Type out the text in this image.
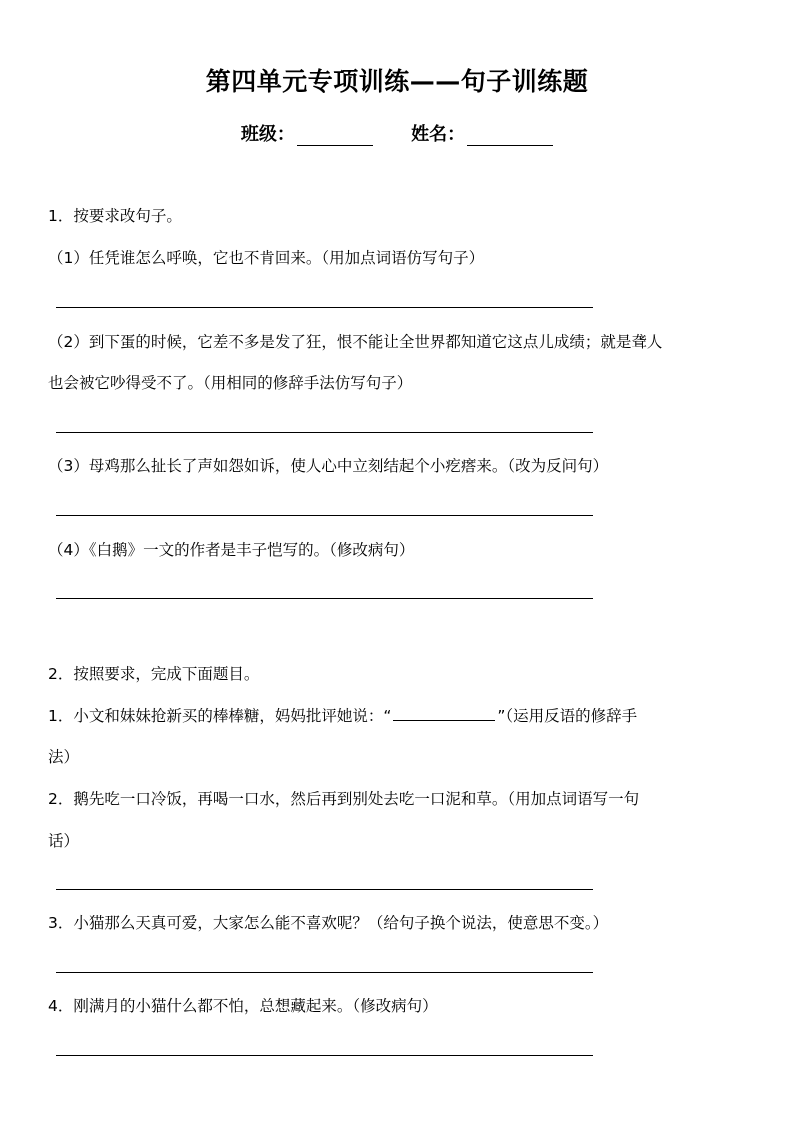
第四单元专项训练——句子训练题
班级：	姓名：
1．按要求改句子。
（1）任凭谁怎么呼唤，它也不肯回来。（用加点词语仿写句子）
（2）到下蛋的时候，它差不多是发了狂，恨不能让全世界都知道它这点儿成绩；就是聋人
也会被它吵得受不了。（用相同的修辞手法仿写句子）
（3）母鸡那么扯长了声如怨如诉，使人心中立刻结起个小疙瘩来。（改为反问句）
（4）《白鹅》一文的作者是丰子恺写的。（修改病句）
2．按照要求，完成下面题目。
1．小文和妹妹抢新买的棒棒糖，妈妈批评她说：“	”（运用反语的修辞手
法）
2．鹅先吃一口冷饭，再喝一口水，然后再到别处去吃一口泥和草。（用加点词语写一句
话）
3．小猫那么天真可爱，大家怎么能不喜欢呢？（给句子换个说法，使意思不变。）
4．刚满月的小猫什么都不怕，总想藏起来。（修改病句）
